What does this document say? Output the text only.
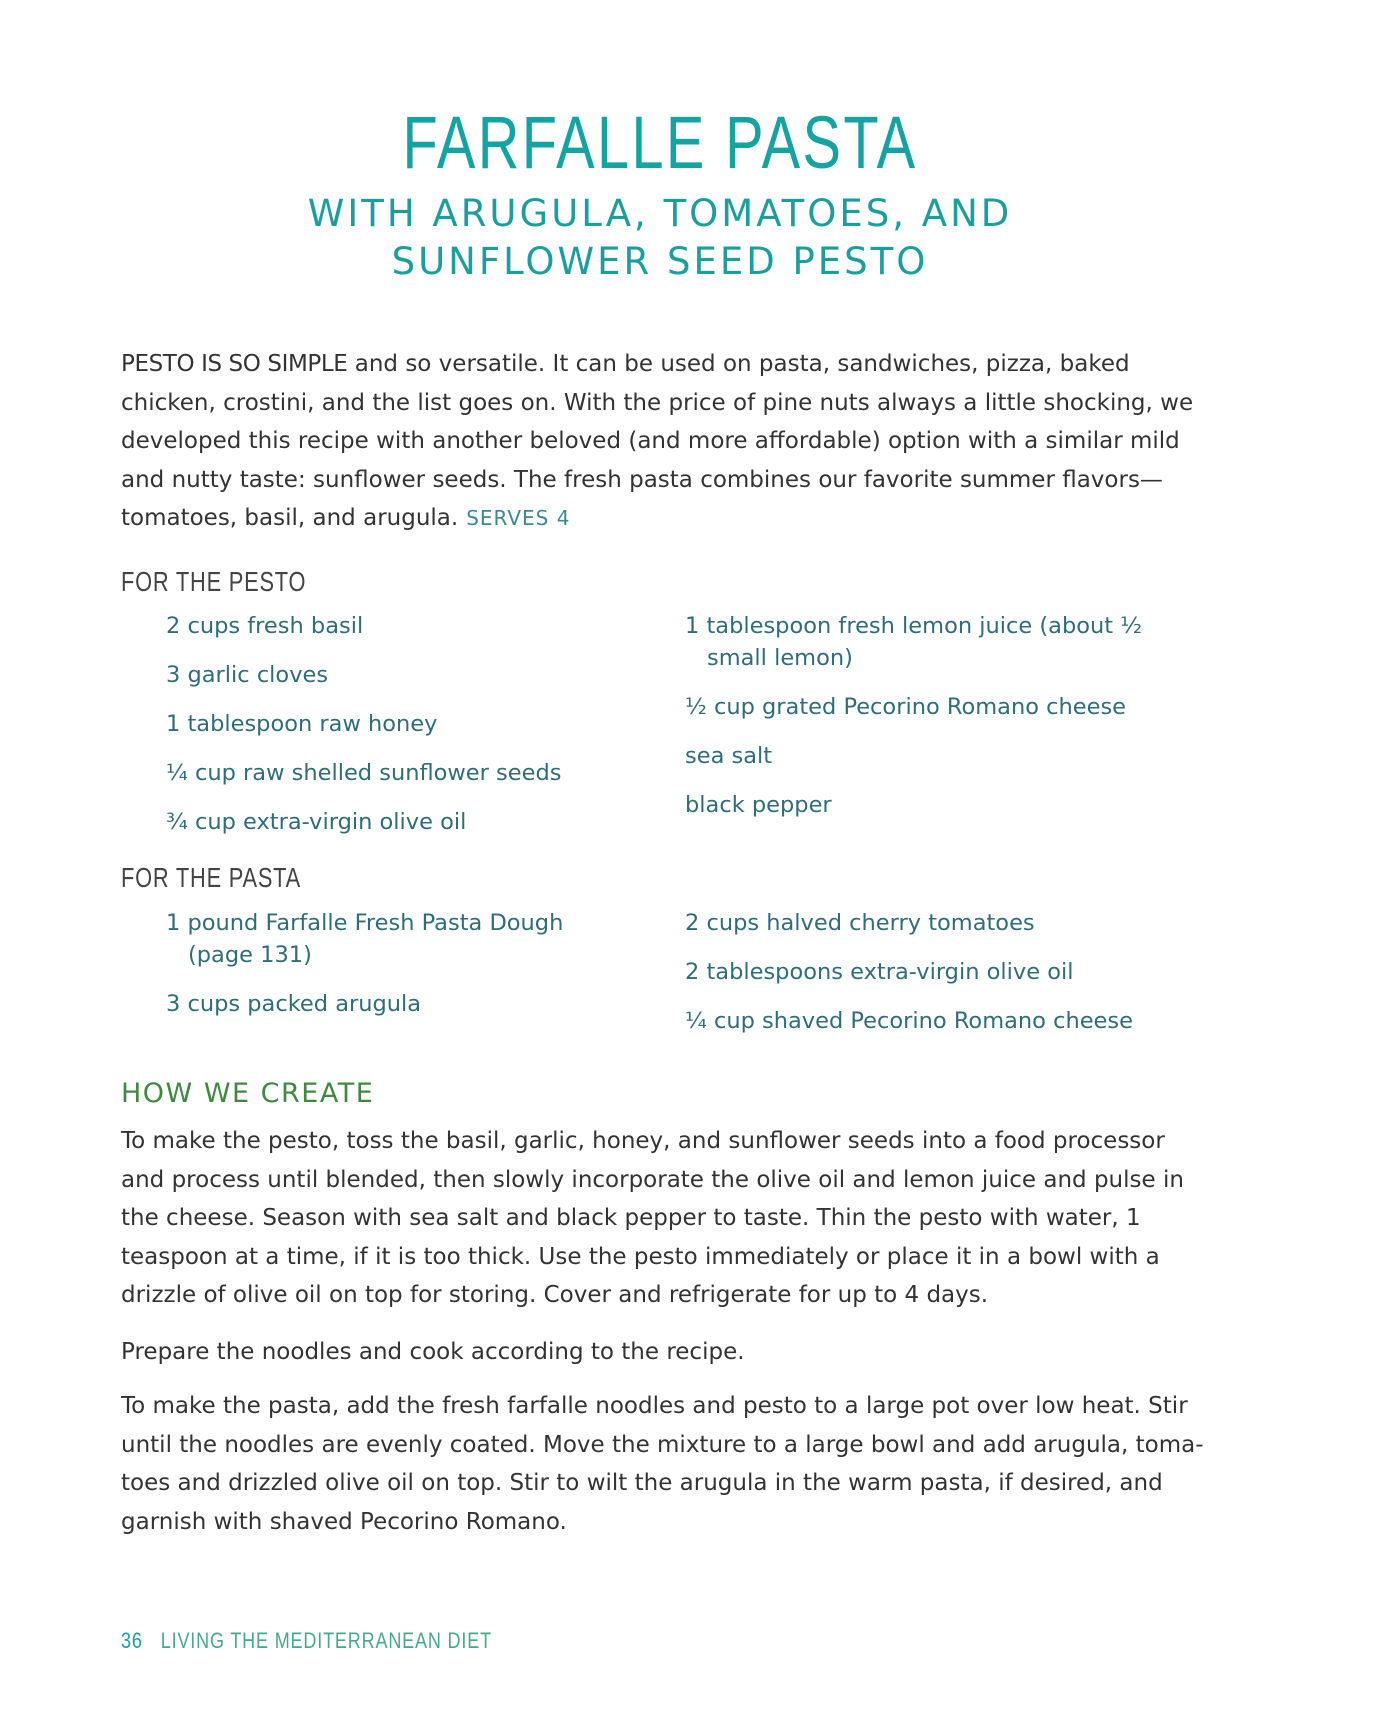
FARFALLE PASTA
WITH ARUGULA, TOMATOES, AND
SUNFLOWER SEED PESTO

PESTO IS SO SIMPLE and so versatile. It can be used on pasta, sandwiches, pizza, baked chicken, crostini, and the list goes on. With the price of pine nuts always a little shocking, we developed this recipe with another beloved (and more affordable) option with a similar mild and nutty taste: sunflower seeds. The fresh pasta combines our favorite summer flavors—tomatoes, basil, and arugula. SERVES 4

FOR THE PESTO
2 cups fresh basil
3 garlic cloves
1 tablespoon raw honey
¼ cup raw shelled sunflower seeds
¾ cup extra-virgin olive oil
1 tablespoon fresh lemon juice (about ½ small lemon)
½ cup grated Pecorino Romano cheese
sea salt
black pepper
FOR THE PASTA
1 pound Farfalle Fresh Pasta Dough (page 131)
3 cups packed arugula
2 cups halved cherry tomatoes
2 tablespoons extra-virgin olive oil
¼ cup shaved Pecorino Romano cheese
HOW WE CREATE

To make the pesto, toss the basil, garlic, honey, and sunflower seeds into a food processor and process until blended, then slowly incorporate the olive oil and lemon juice and pulse in the cheese. Season with sea salt and black pepper to taste. Thin the pesto with water, 1 teaspoon at a time, if it is too thick. Use the pesto immediately or place it in a bowl with a drizzle of olive oil on top for storing. Cover and refrigerate for up to 4 days.

Prepare the noodles and cook according to the recipe.

To make the pasta, add the fresh farfalle noodles and pesto to a large pot over low heat. Stir until the noodles are evenly coated. Move the mixture to a large bowl and add arugula, toma-toes and drizzled olive oil on top. Stir to wilt the arugula in the warm pasta, if desired, and garnish with shaved Pecorino Romano.

36 LIVING THE MEDITERRANEAN DIET
